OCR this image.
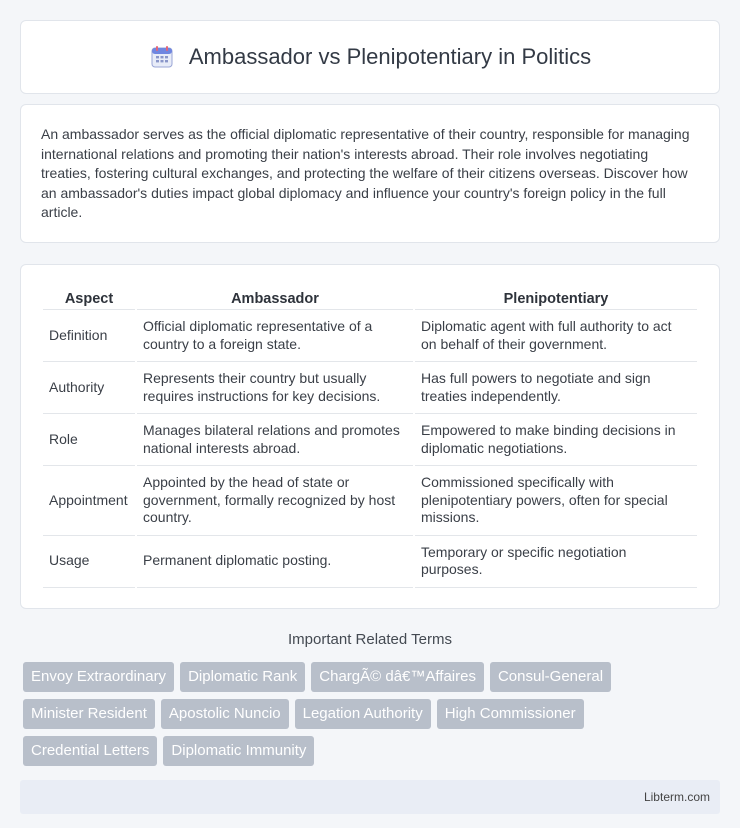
Ambassador vs Plenipotentiary in Politics

An ambassador serves as the official diplomatic representative of their country, responsible for managing international relations and promoting their nation's interests abroad. Their role involves negotiating treaties, fostering cultural exchanges, and protecting the welfare of their citizens overseas. Discover how an ambassador's duties impact global diplomacy and influence your country's foreign policy in the full article.

Aspect	Ambassador	Plenipotentiary
Definition	Official diplomatic representative of a country to a foreign state.	Diplomatic agent with full authority to act on behalf of their government.
Authority	Represents their country but usually requires instructions for key decisions.	Has full powers to negotiate and sign treaties independently.
Role	Manages bilateral relations and promotes national interests abroad.	Empowered to make binding decisions in diplomatic negotiations.
Appointment	Appointed by the head of state or government, formally recognized by host country.	Commissioned specifically with plenipotentiary powers, often for special missions.
Usage	Permanent diplomatic posting.	Temporary or specific negotiation purposes.
Important Related Terms
Envoy Extraordinary	Diplomatic Rank	ChargÃ© dâ€™Affaires	Consul-General
Minister Resident	Apostolic Nuncio	Legation Authority	High Commissioner
Credential Letters	Diplomatic Immunity
Libterm.com
